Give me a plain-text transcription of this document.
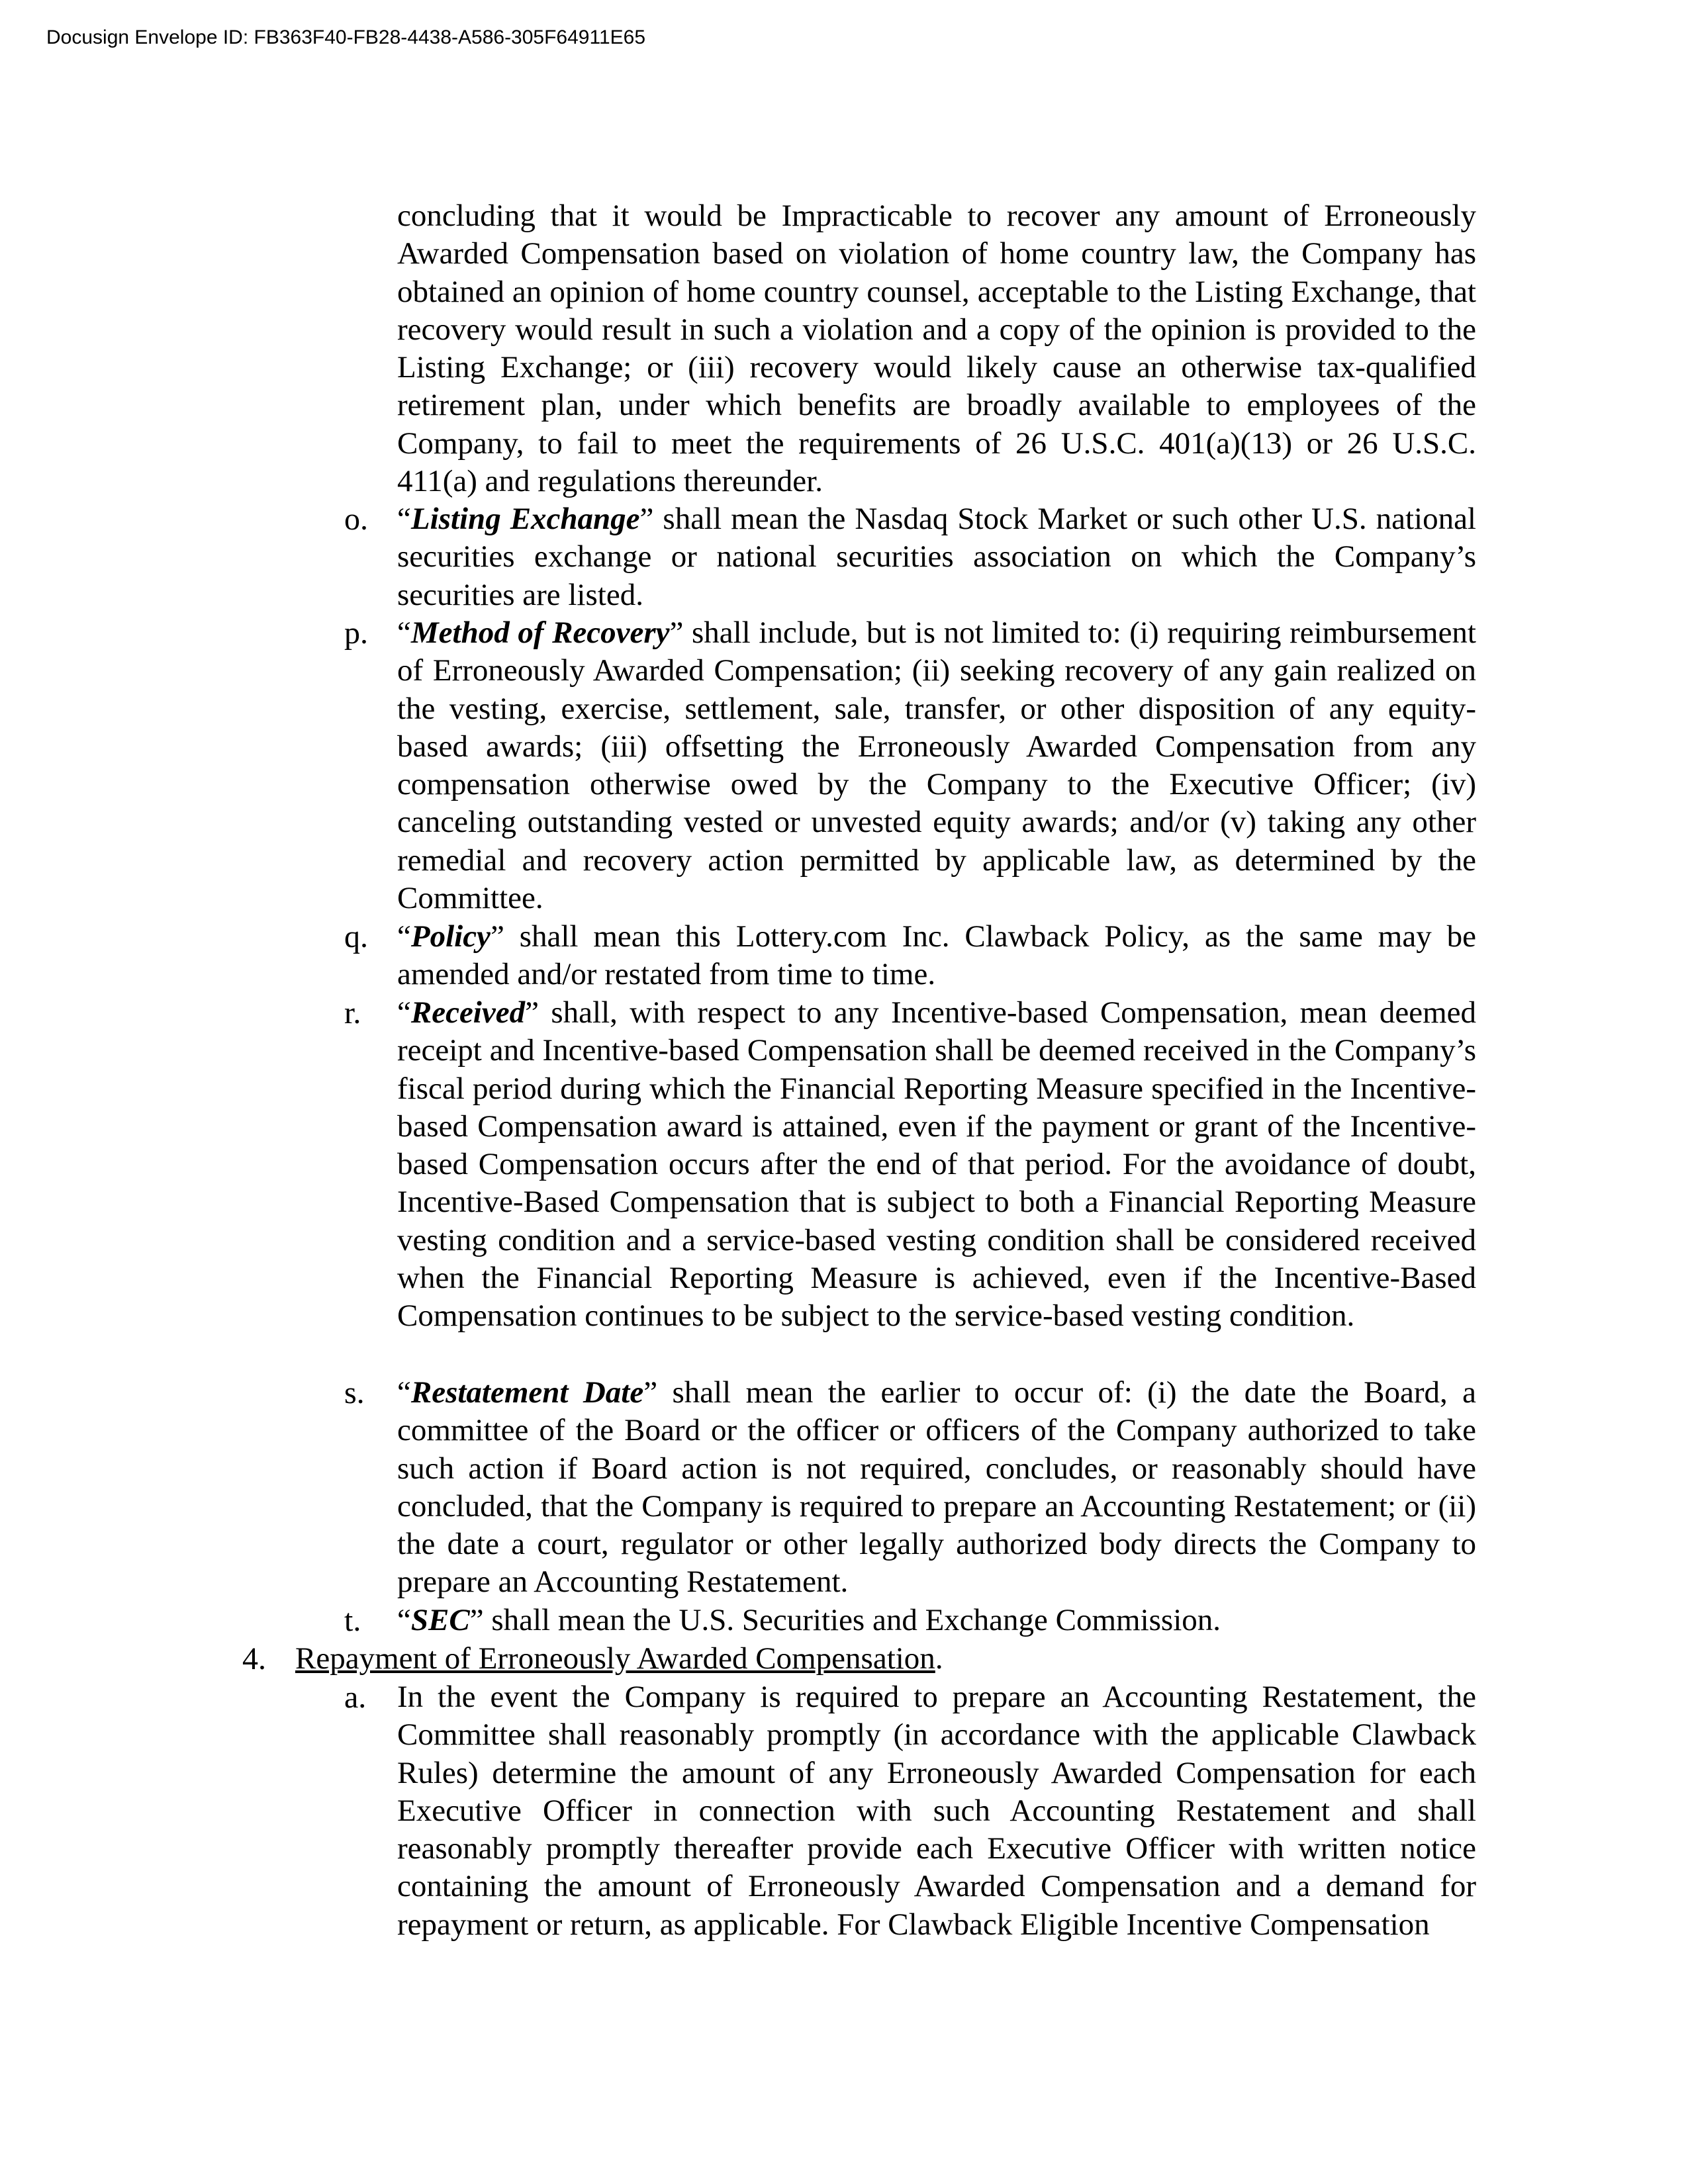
Docusign Envelope ID: FB363F40-FB28-4438-A586-305F64911E65
concluding that it would be Impracticable to recover any amount of Erroneously Awarded Compensation based on violation of home country law, the Company has obtained an opinion of home country counsel, acceptable to the Listing Exchange, that recovery would result in such a violation and a copy of the opinion is provided to the Listing Exchange; or (iii) recovery would likely cause an otherwise tax-qualified retirement plan, under which benefits are broadly available to employees of the Company, to fail to meet the requirements of 26 U.S.C. 401(a)(13) or 26 U.S.C. 411(a) and regulations thereunder.
o. “Listing Exchange” shall mean the Nasdaq Stock Market or such other U.S. national securities exchange or national securities association on which the Company’s securities are listed.
p. “Method of Recovery” shall include, but is not limited to: (i) requiring reimbursement of Erroneously Awarded Compensation; (ii) seeking recovery of any gain realized on the vesting, exercise, settlement, sale, transfer, or other disposition of any equity-based awards; (iii) offsetting the Erroneously Awarded Compensation from any compensation otherwise owed by the Company to the Executive Officer; (iv) canceling outstanding vested or unvested equity awards; and/or (v) taking any other remedial and recovery action permitted by applicable law, as determined by the Committee.
q. “Policy” shall mean this Lottery.com Inc. Clawback Policy, as the same may be amended and/or restated from time to time.
r.	“Received” shall, with respect to any Incentive-based Compensation, mean deemed receipt and Incentive-based Compensation shall be deemed received in the Company’s fiscal period during which the Financial Reporting Measure specified in the Incentive-based Compensation award is attained, even if the payment or grant of the Incentive-based Compensation occurs after the end of that period. For the avoidance of doubt, Incentive-Based Compensation that is subject to both a Financial Reporting Measure vesting condition and a service-based vesting condition shall be considered received when the Financial Reporting Measure is achieved, even if the Incentive-Based Compensation continues to be subject to the service-based vesting condition.
s.	“Restatement Date” shall mean the earlier to occur of: (i) the date the Board, a committee of the Board or the officer or officers of the Company authorized to take such action if Board action is not required, concludes, or reasonably should have concluded, that the Company is required to prepare an Accounting Restatement; or (ii) the date a court, regulator or other legally authorized body directs the Company to prepare an Accounting Restatement.
t.	“SEC” shall mean the U.S. Securities and Exchange Commission.
4. Repayment of Erroneously Awarded Compensation.
a. In the event the Company is required to prepare an Accounting Restatement, the Committee shall reasonably promptly (in accordance with the applicable Clawback Rules) determine the amount of any Erroneously Awarded Compensation for each Executive Officer in connection with such Accounting Restatement and shall reasonably promptly thereafter provide each Executive Officer with written notice containing the amount of Erroneously Awarded Compensation and a demand for repayment or return, as applicable. For Clawback Eligible Incentive Compensation
